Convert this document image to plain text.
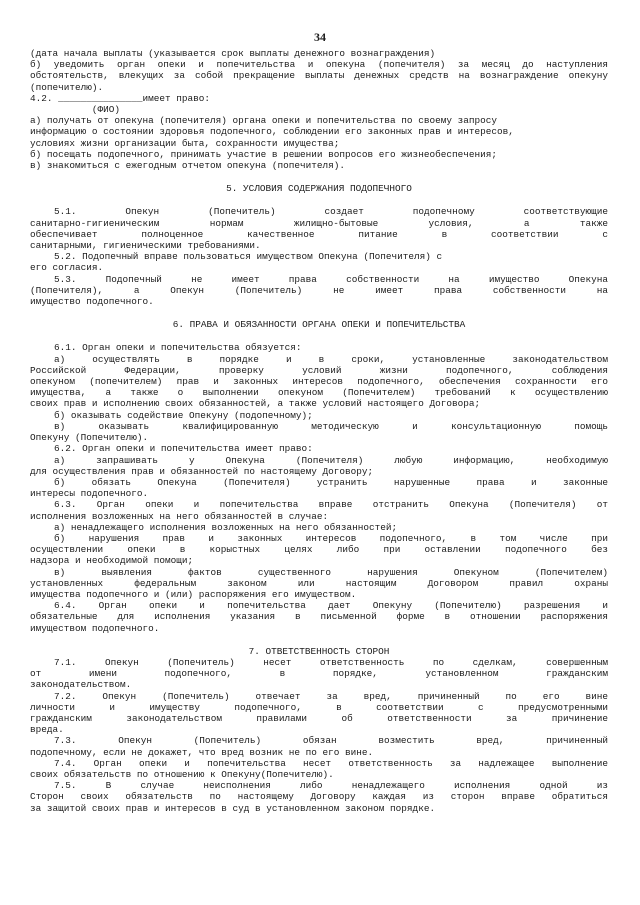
34
(дата начала выплаты (указывается срок выплаты денежного вознаграждения)
б) уведомить орган опеки и попечительства и опекуна (попечителя) за месяц до наступления
обстоятельств, влекущих за собой прекращение выплаты денежных средств на вознаграждение опекуну
(попечителю).
4.2. _______________имеет право:
(ФИО)
а) получать от опекуна (попечителя) органа опеки и попечительства по своему запросу
информацию о состоянии здоровья подопечного, соблюдении его законных прав и интересов,
условиях жизни организации быта, сохранности имущества;
б) посещать подопечного, принимать участие в решении вопросов его жизнеобеспечения;
в) знакомиться с ежегодным отчетом опекуна (попечителя).
5. УСЛОВИЯ СОДЕРЖАНИЯ ПОДОПЕЧНОГО
5.1. Опекун (Попечитель) создает подопечному соответствующие
санитарно-гигиеническим нормам жилищно-бытовые условия, а также
обеспечивает полноценное качественное питание в соответствии с
санитарными, гигиеническими требованиями.
5.2. Подопечный вправе пользоваться имуществом Опекуна (Попечителя) с
его согласия.
5.3. Подопечный не имеет права собственности на имущество Опекуна
(Попечителя), а Опекун (Попечитель) не имеет права собственности на
имущество подопечного.
6. ПРАВА И ОБЯЗАННОСТИ ОРГАНА ОПЕКИ И ПОПЕЧИТЕЛЬСТВА
6.1. Орган опеки и попечительства обязуется:
а) осуществлять в порядке и в сроки, установленные законодательством
Российской Федерации, проверку условий жизни подопечного, соблюдения
опекуном (попечителем) прав и законных интересов подопечного, обеспечения сохранности его
имущества, а также о выполнении опекуном (Попечителем) требований к осуществлению
своих прав и исполнению своих обязанностей, а также условий настоящего Договора;
б) оказывать содействие Опекуну (подопечному);
в) оказывать квалифицированную методическую и консультационную помощь
Опекуну (Попечителю).
6.2. Орган опеки и попечительства имеет право:
а) запрашивать у Опекуна (Попечителя) любую информацию, необходимую
для осуществления прав и обязанностей по настоящему Договору;
б) обязать Опекуна (Попечителя) устранить нарушенные права и законные
интересы подопечного.
6.3. Орган опеки и попечительства вправе отстранить Опекуна (Попечителя) от
исполнения возложенных на него обязанностей в случае:
а) ненадлежащего исполнения возложенных на него обязанностей;
б) нарушения прав и законных интересов подопечного, в том числе при
осуществлении опеки в корыстных целях либо при оставлении подопечного без
надзора и необходимой помощи;
в) выявления фактов существенного нарушения Опекуном (Попечителем)
установленных федеральным законом или настоящим Договором правил охраны
имущества подопечного и (или) распоряжения его имуществом.
6.4. Орган опеки и попечительства дает Опекуну (Попечителю) разрешения и
обязательные для исполнения указания в письменной форме в отношении распоряжения
имуществом подопечного.
7. ОТВЕТСТВЕННОСТЬ СТОРОН
7.1. Опекун (Попечитель) несет ответственность по сделкам, совершенным
от имени подопечного, в порядке, установленном гражданским
законодательством.
7.2. Опекун (Попечитель) отвечает за вред, причиненный по его вине
личности и имуществу подопечного, в соответствии с предусмотренными
гражданским законодательством правилами об ответственности за причинение
вреда.
7.3. Опекун (Попечитель) обязан возместить вред, причиненный
подопечному, если не докажет, что вред возник не по его вине.
7.4. Орган опеки и попечительства несет ответственность за надлежащее выполнение
своих обязательств по отношению к Опекуну(Попечителю).
7.5. В случае неисполнения либо ненадлежащего исполнения одной из
Сторон своих обязательств по настоящему Договору каждая из сторон вправе обратиться
за защитой своих прав и интересов в суд в установленном законом порядке.
